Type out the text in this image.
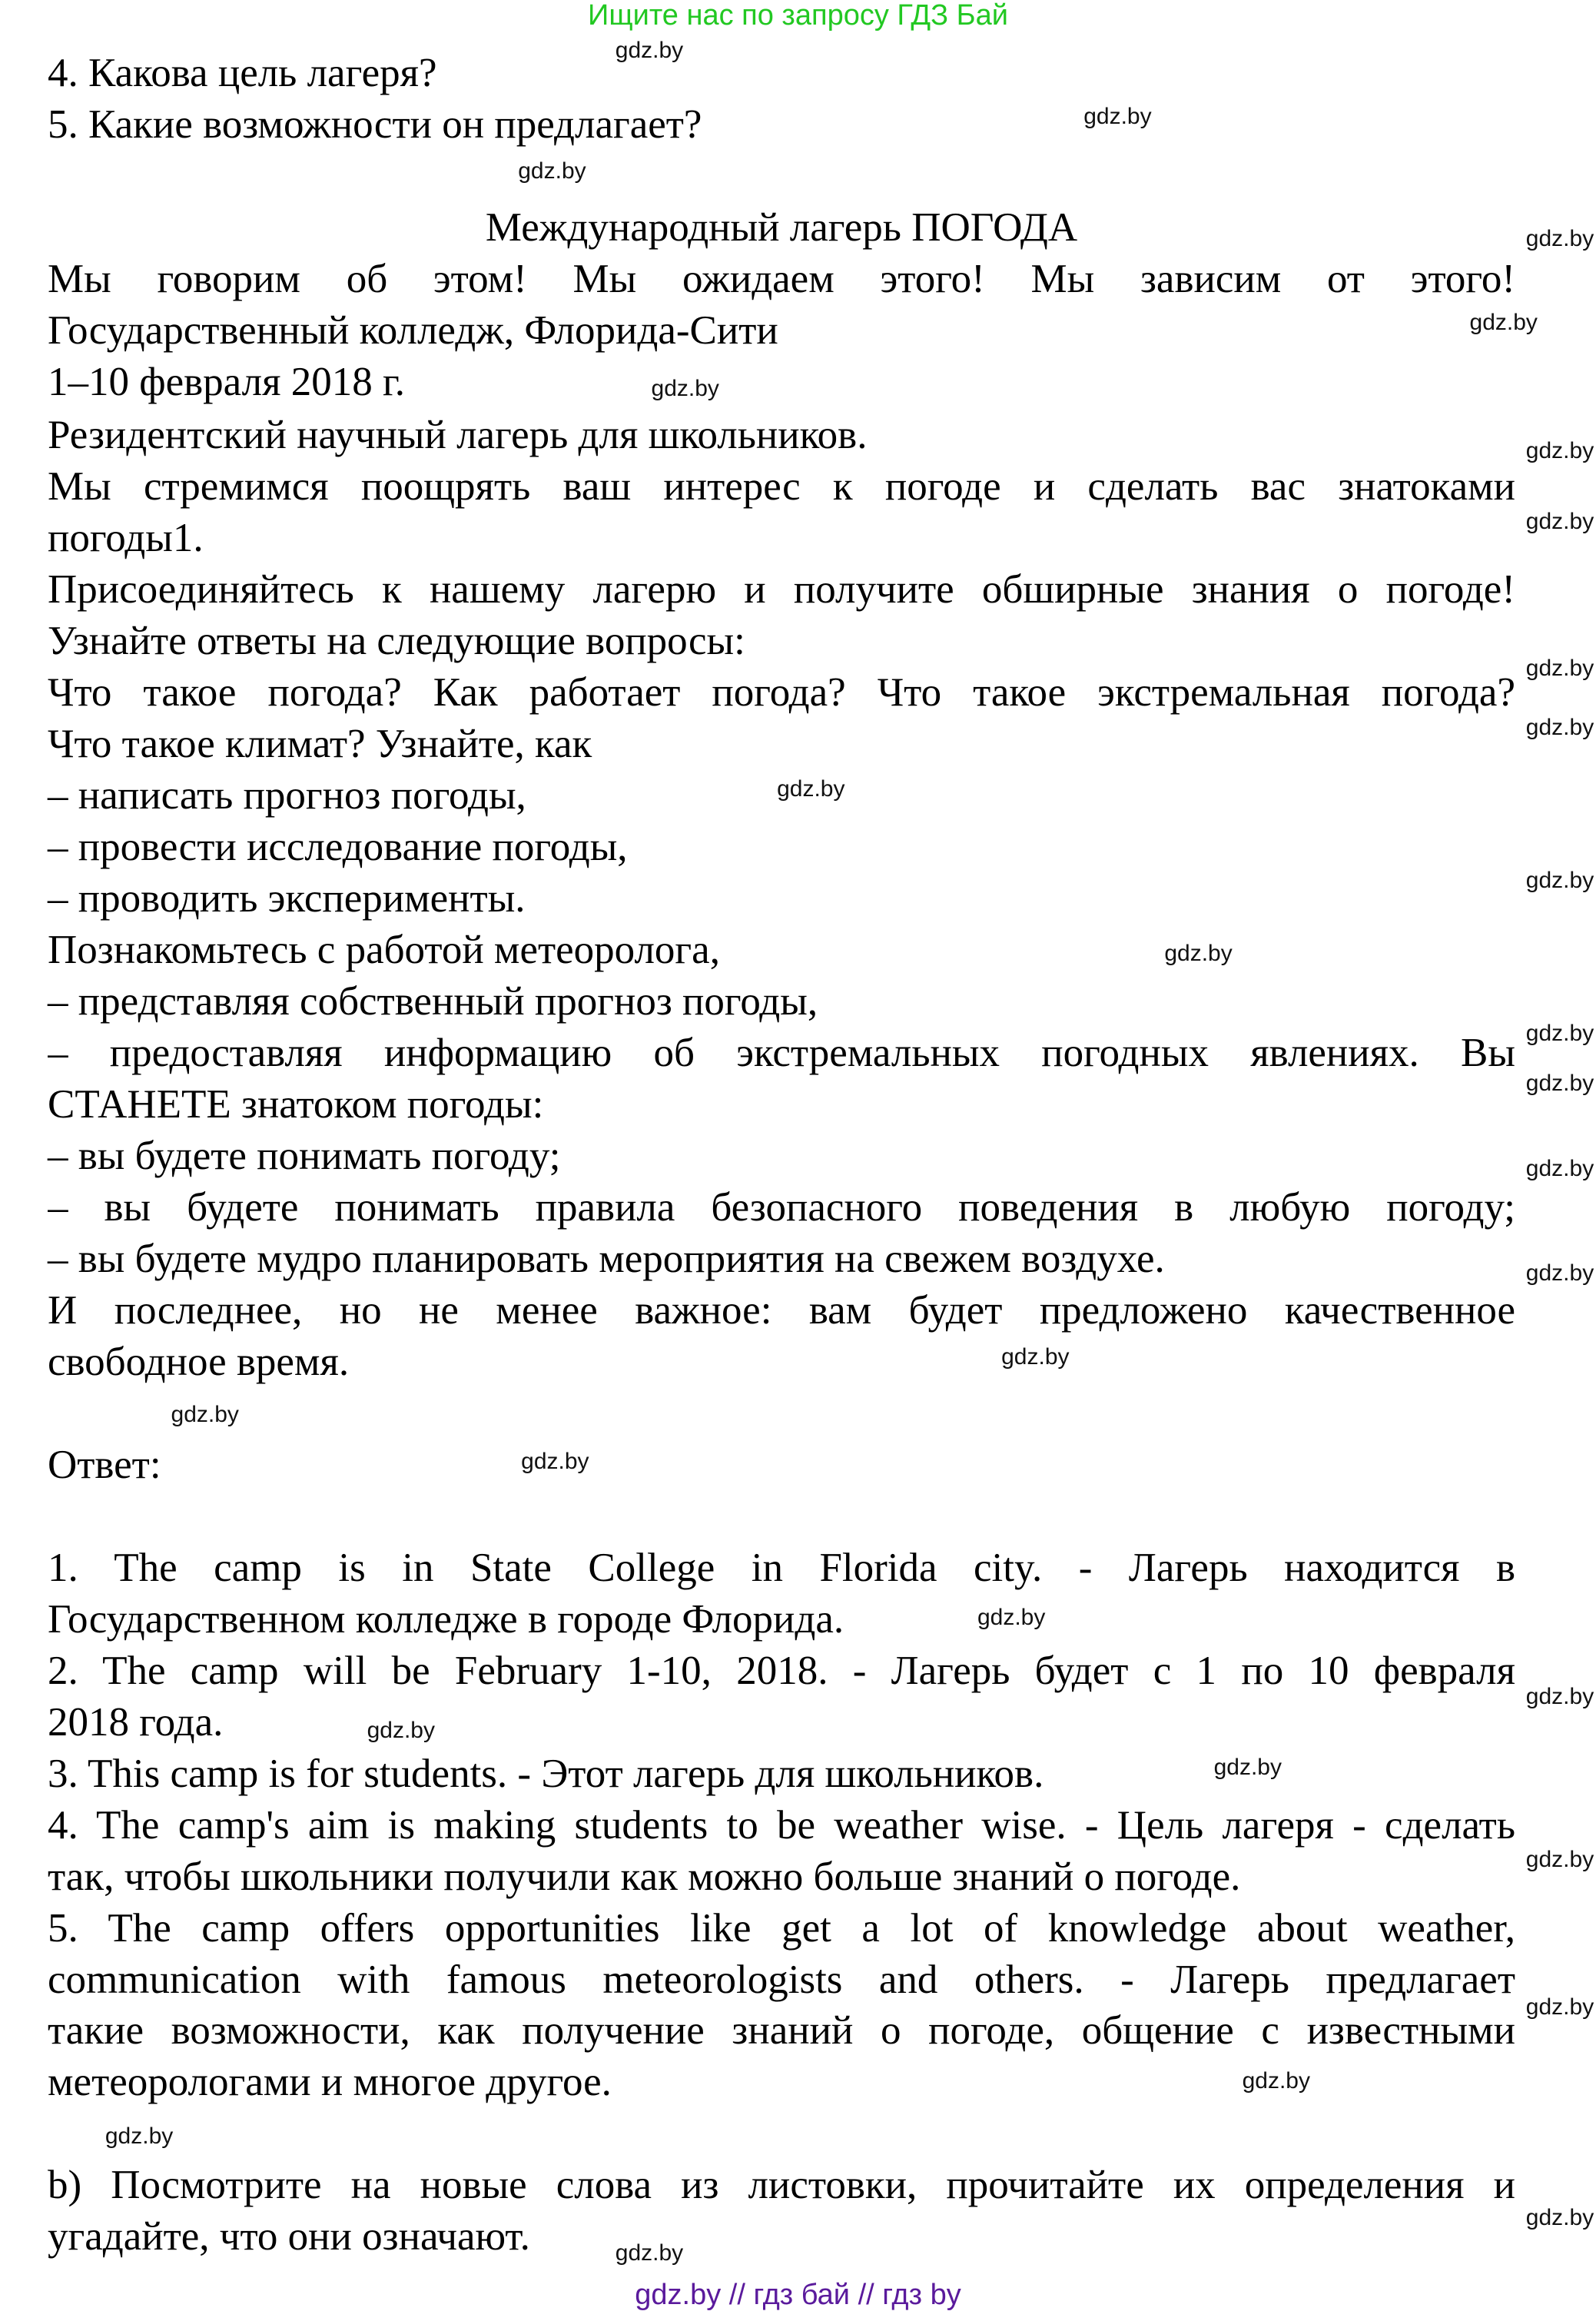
Ищите нас по запросу ГДЗ Бай
gdz.by // гдз бай // гдз by
4. Какова цель лагеря?
5. Какие возможности он предлагает?
Международный лагерь ПОГОДА
Мы говорим об этом! Мы ожидаем этого! Мы зависим от этого!
Государственный колледж, Флорида-Сити
1–10 февраля 2018 г.
Резидентский научный лагерь для школьников.
Мы стремимся поощрять ваш интерес к погоде и сделать вас знатоками
погоды1.
Присоединяйтесь к нашему лагерю и получите обширные знания о погоде!
Узнайте ответы на следующие вопросы:
Что такое погода? Как работает погода? Что такое экстремальная погода?
Что такое климат? Узнайте, как
– написать прогноз погоды,
– провести исследование погоды,
– проводить эксперименты.
Познакомьтесь с работой метеоролога,
– представляя собственный прогноз погоды,
– предоставляя информацию об экстремальных погодных явлениях. Вы
СТАНЕТЕ знатоком погоды:
– вы будете понимать погоду;
– вы будете понимать правила безопасного поведения в любую погоду;
– вы будете мудро планировать мероприятия на свежем воздухе.
И последнее, но не менее важное: вам будет предложено качественное
свободное время.
Ответ:
1. The camp is in State College in Florida city. - Лагерь находится в
Государственном колледже в городе Флорида.
2. The camp will be February 1-10, 2018. - Лагерь будет с 1 по 10 февраля
2018 года.
3. This camp is for students. - Этот лагерь для школьников.
4. The camp's aim is making students to be weather wise. - Цель лагеря - сделать
так, чтобы школьники получили как можно больше знаний о погоде.
5. The camp offers opportunities like get a lot of knowledge about weather,
communication with famous meteorologists and others. - Лагерь предлагает
такие возможности, как получение знаний о погоде, общение с известными
метеорологами и многое другое.
b) Посмотрите на новые слова из листовки, прочитайте их определения и
угадайте, что они означают.
gdz.by
gdz.by
gdz.by
gdz.by
gdz.by
gdz.by
gdz.by
gdz.by
gdz.by
gdz.by
gdz.by
gdz.by
gdz.by
gdz.by
gdz.by
gdz.by
gdz.by
gdz.by
gdz.by
gdz.by
gdz.by
gdz.by
gdz.by
gdz.by
gdz.by
gdz.by
gdz.by
gdz.by
gdz.by
gdz.by
